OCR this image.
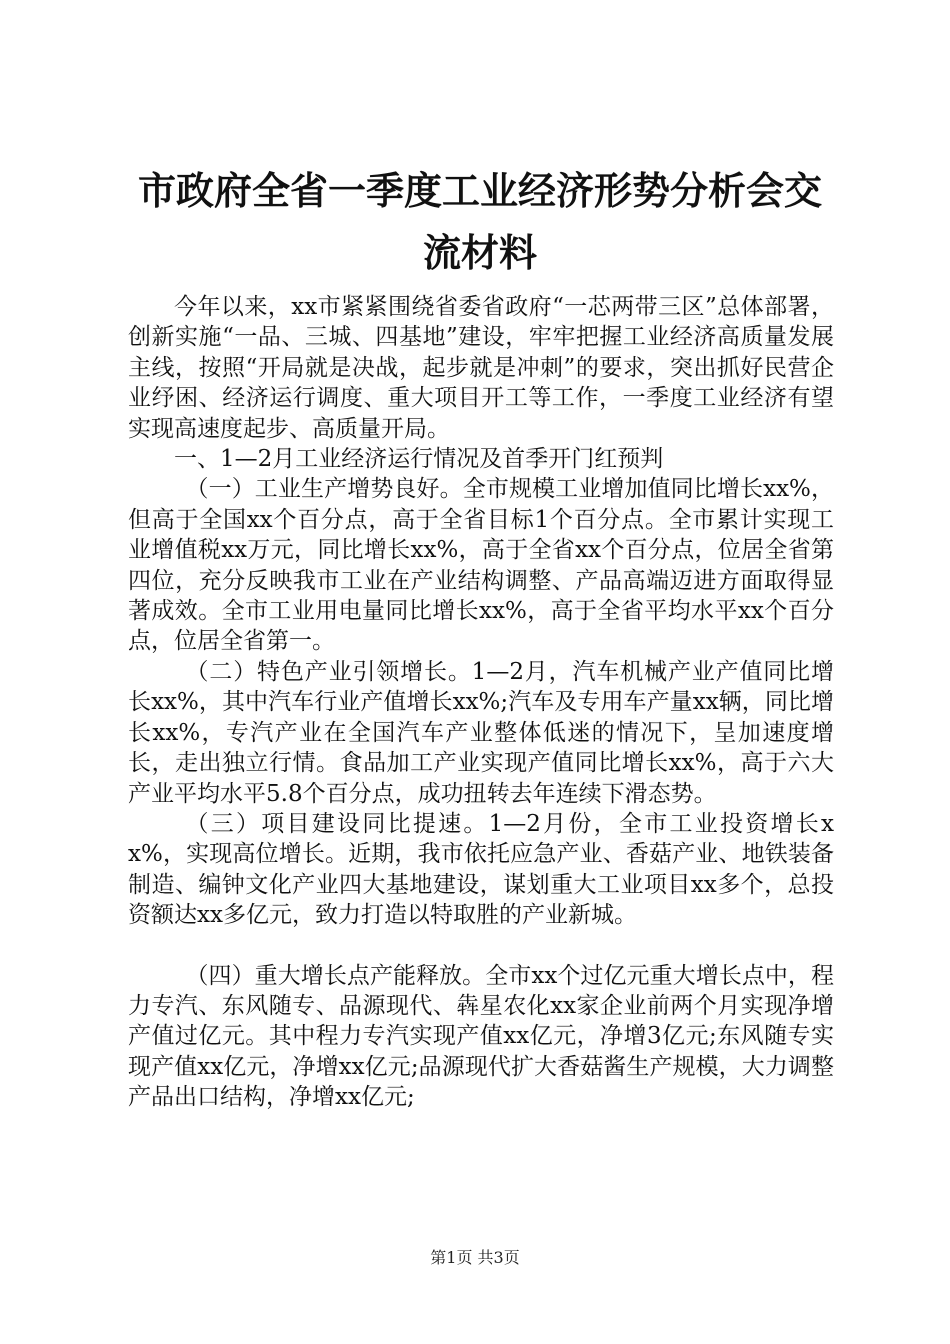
市政府全省一季度工业经济形势分析会交流材料

今年以来，xx市紧紧围绕省委省政府“一芯两带三区”总体部署，创新实施“一品、三城、四基地”建设，牢牢把握工业经济高质量发展主线，按照“开局就是决战，起步就是冲刺”的要求，突出抓好民营企业纾困、经济运行调度、重大项目开工等工作，一季度工业经济有望实现高速度起步、高质量开局。

一、1—2月工业经济运行情况及首季开门红预判

（一）工业生产增势良好。全市规模工业增加值同比增长xx%，但高于全国xx个百分点，高于全省目标1个百分点。全市累计实现工业增值税xx万元，同比增长xx%，高于全省xx个百分点，位居全省第四位，充分反映我市工业在产业结构调整、产品高端迈进方面取得显著成效。全市工业用电量同比增长xx%，高于全省平均水平xx个百分点，位居全省第一。

（二）特色产业引领增长。1—2月，汽车机械产业产值同比增长xx%，其中汽车行业产值增长xx%;汽车及专用车产量xx辆，同比增长xx%，专汽产业在全国汽车产业整体低迷的情况下，呈加速度增长，走出独立行情。食品加工产业实现产值同比增长xx%，高于六大产业平均水平5.8个百分点，成功扭转去年连续下滑态势。

（三）项目建设同比提速。1—2月份，全市工业投资增长xx%，实现高位增长。近期，我市依托应急产业、香菇产业、地铁装备制造、编钟文化产业四大基地建设，谋划重大工业项目xx多个，总投资额达xx多亿元，致力打造以特取胜的产业新城。

（四）重大增长点产能释放。全市xx个过亿元重大增长点中，程力专汽、东风随专、品源现代、犇星农化xx家企业前两个月实现净增产值过亿元。其中程力专汽实现产值xx亿元，净增3亿元;东风随专实现产值xx亿元，净增xx亿元;品源现代扩大香菇酱生产规模，大力调整产品出口结构，净增xx亿元;

第1页 共3页
